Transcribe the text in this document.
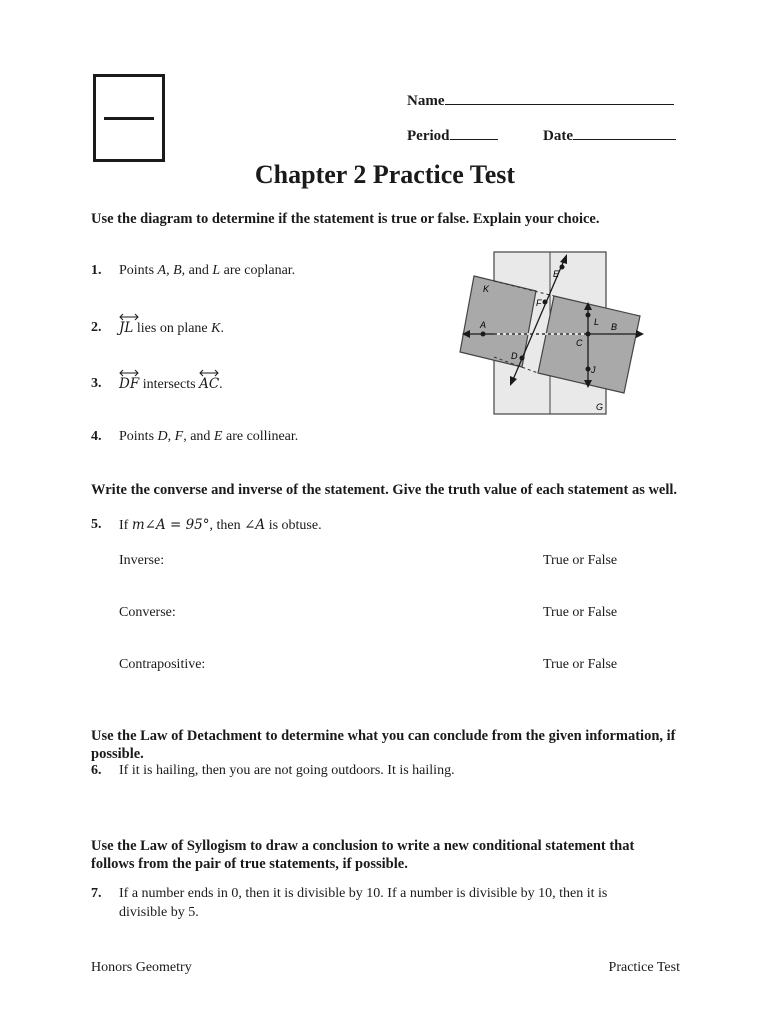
Name
Period	Date
Chapter 2 Practice Test
Use the diagram to determine if the statement is true or false. Explain your choice.
1. Points A, B, and L are coplanar.
2. JL lies on plane K.
3. DF intersects
AC.
4. Points D, F, and E are collinear.
E
K
F
A	L B
C
D
J
G
Write the converse and inverse of the statement. Give the truth value of each statement as well.
5. If m∠A = 95°, then ∠A is obtuse.
Inverse:	True or False
Converse:	True or False
Contrapositive:	True or False
Use the Law of Detachment to determine what you can conclude from the given information, if possible.
6. If it is hailing, then you are not going outdoors. It is hailing.
Use the Law of Syllogism to draw a conclusion to write a new conditional statement that follows from the pair of true statements, if possible.
7. If a number ends in 0, then it is divisible by 10. If a number is divisible by 10, then it is
divisible by 5.
Honors Geometry	Practice Test
